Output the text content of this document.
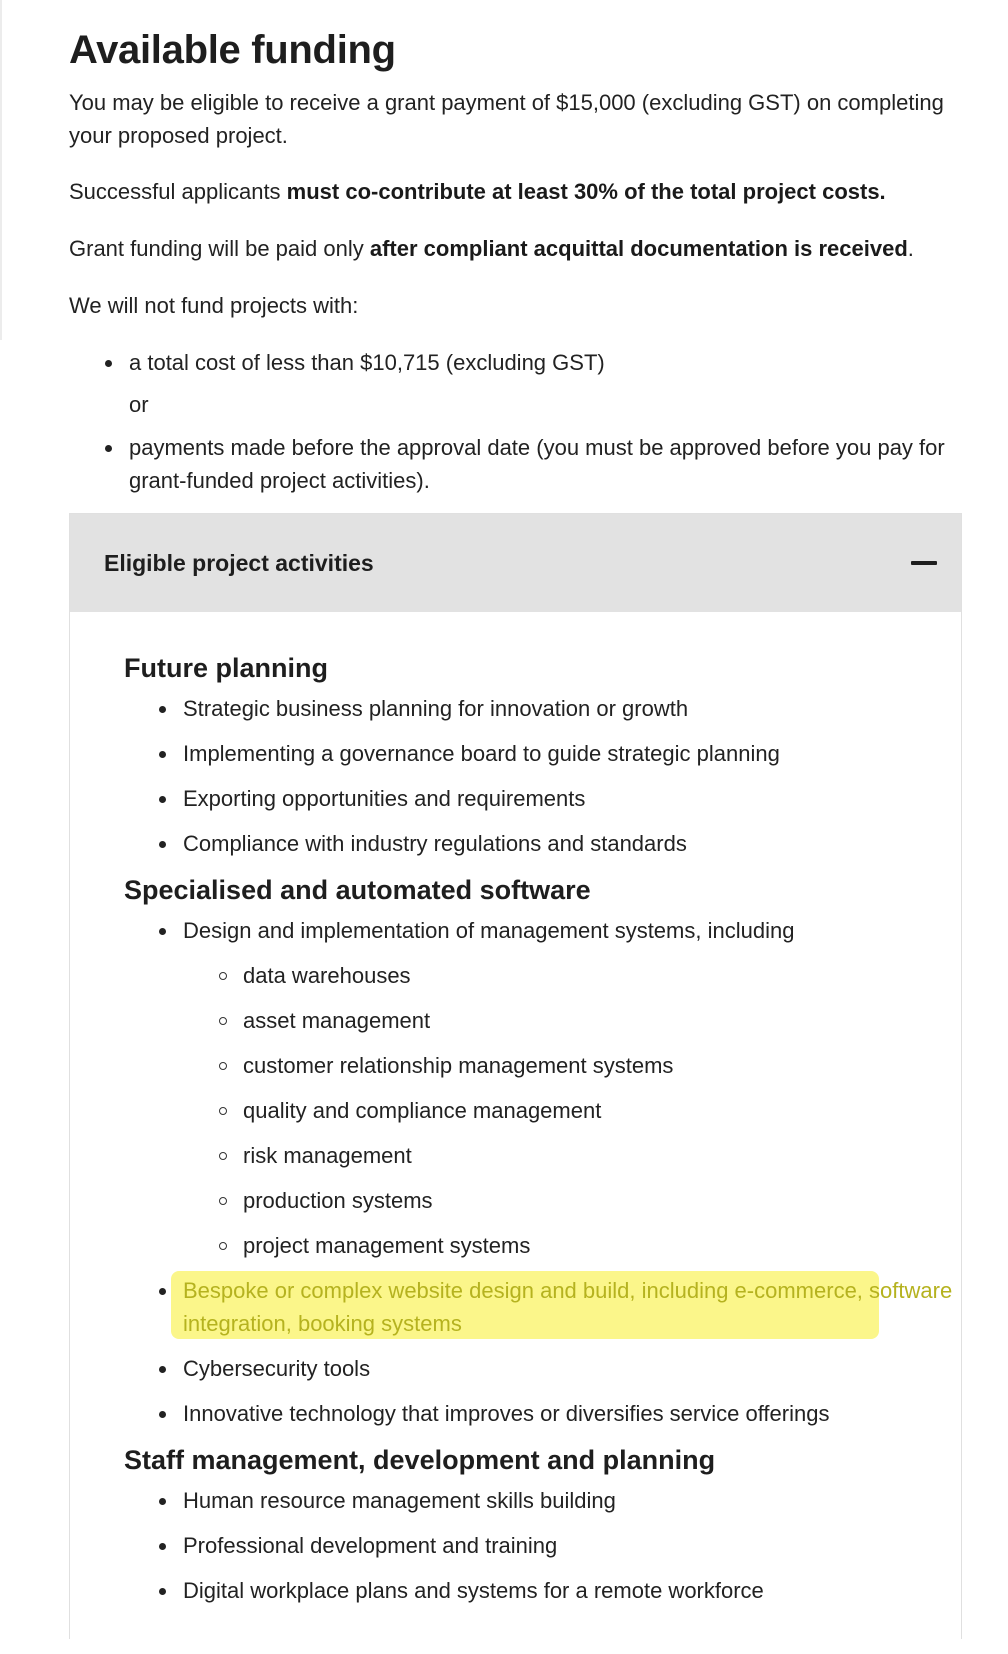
Available funding

You may be eligible to receive a grant payment of $15,000 (excluding GST) on completing your proposed project.

Successful applicants must co-contribute at least 30% of the total project costs.

Grant funding will be paid only after compliant acquittal documentation is received.

We will not fund projects with:

a total cost of less than $10,715 (excluding GST)
or
payments made before the approval date (you must be approved before you pay for grant-funded project activities).
Eligible project activities
Future planning
Strategic business planning for innovation or growth
Implementing a governance board to guide strategic planning
Exporting opportunities and requirements
Compliance with industry regulations and standards
Specialised and automated software
Design and implementation of management systems, including
data warehouses
asset management
customer relationship management systems
quality and compliance management
risk management
production systems
project management systems
Bespoke or complex website design and build, including e-commerce, software integration, booking systems
Cybersecurity tools
Innovative technology that improves or diversifies service offerings
Staff management, development and planning
Human resource management skills building
Professional development and training
Digital workplace plans and systems for a remote workforce
